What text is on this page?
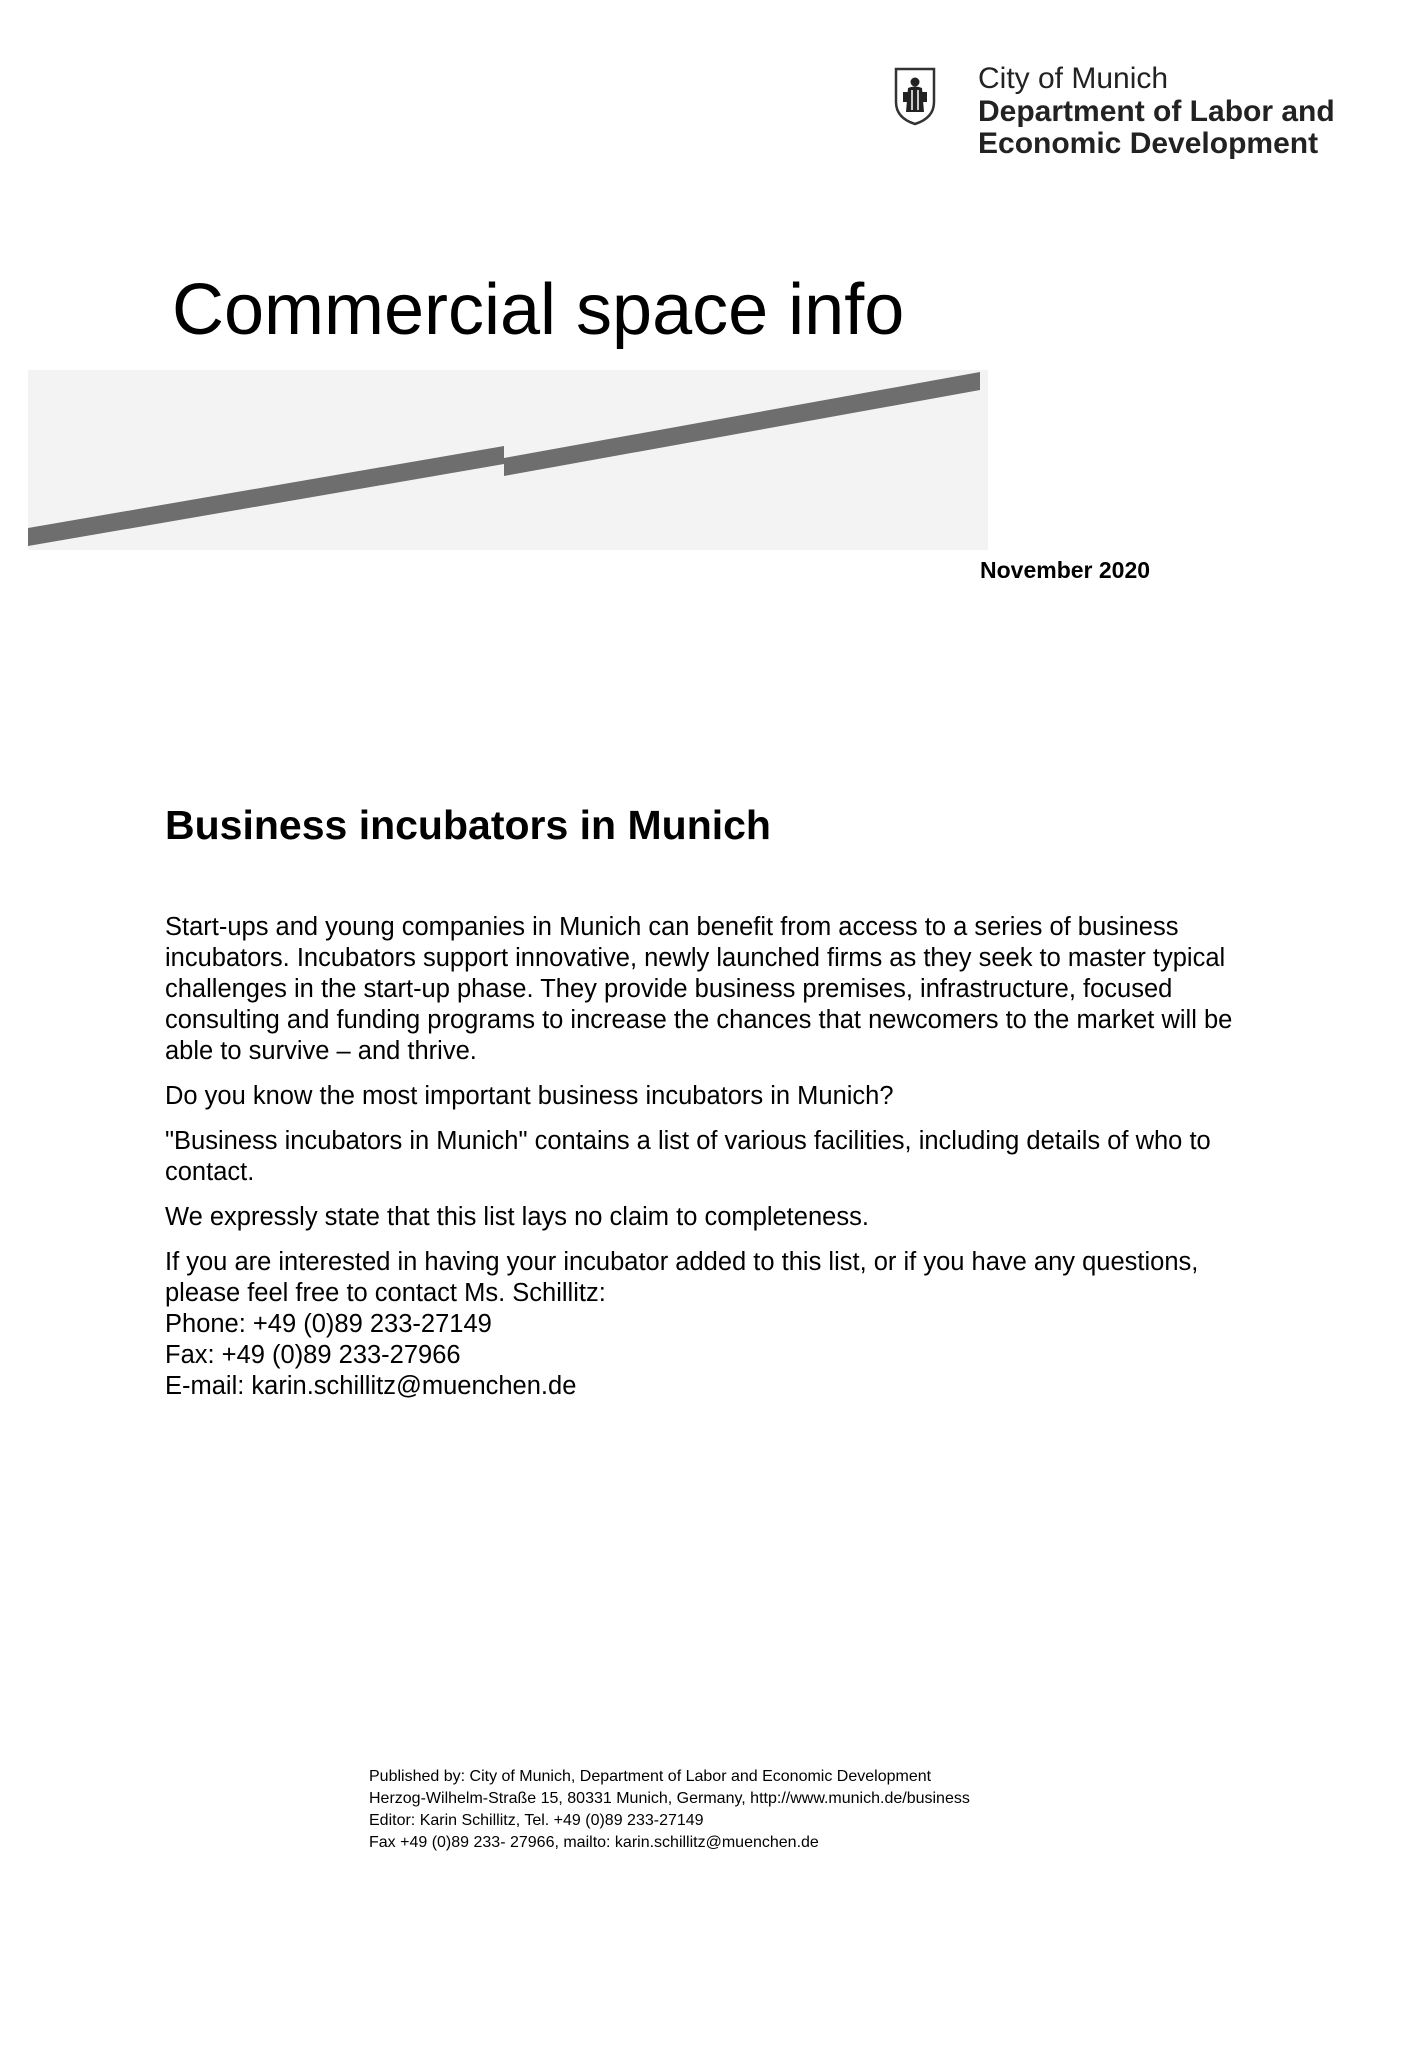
City of Munich
Department of Labor and
Economic Development
Commercial space info
November 2020
Business incubators in Munich

Start-ups and young companies in Munich can benefit from access to a series of business incubators. Incubators support innovative, newly launched firms as they seek to master typical challenges in the start-up phase. They provide business premises, infrastructure, focused consulting and funding programs to increase the chances that newcomers to the market will be able to survive – and thrive.

Do you know the most important business incubators in Munich?

"Business incubators in Munich" contains a list of various facilities, including details of who to contact.

We expressly state that this list lays no claim to completeness.

If you are interested in having your incubator added to this list, or if you have any questions, please feel free to contact Ms. Schillitz:
Phone: +49 (0)89 233-27149
Fax: +49 (0)89 233-27966
E-mail: karin.schillitz@muenchen.de

Published by: City of Munich, Department of Labor and Economic Development
Herzog-Wilhelm-Straße 15, 80331 Munich, Germany, http://www.munich.de/business
Editor: Karin Schillitz, Tel. +49 (0)89 233-27149
Fax +49 (0)89 233- 27966, mailto: karin.schillitz@muenchen.de
